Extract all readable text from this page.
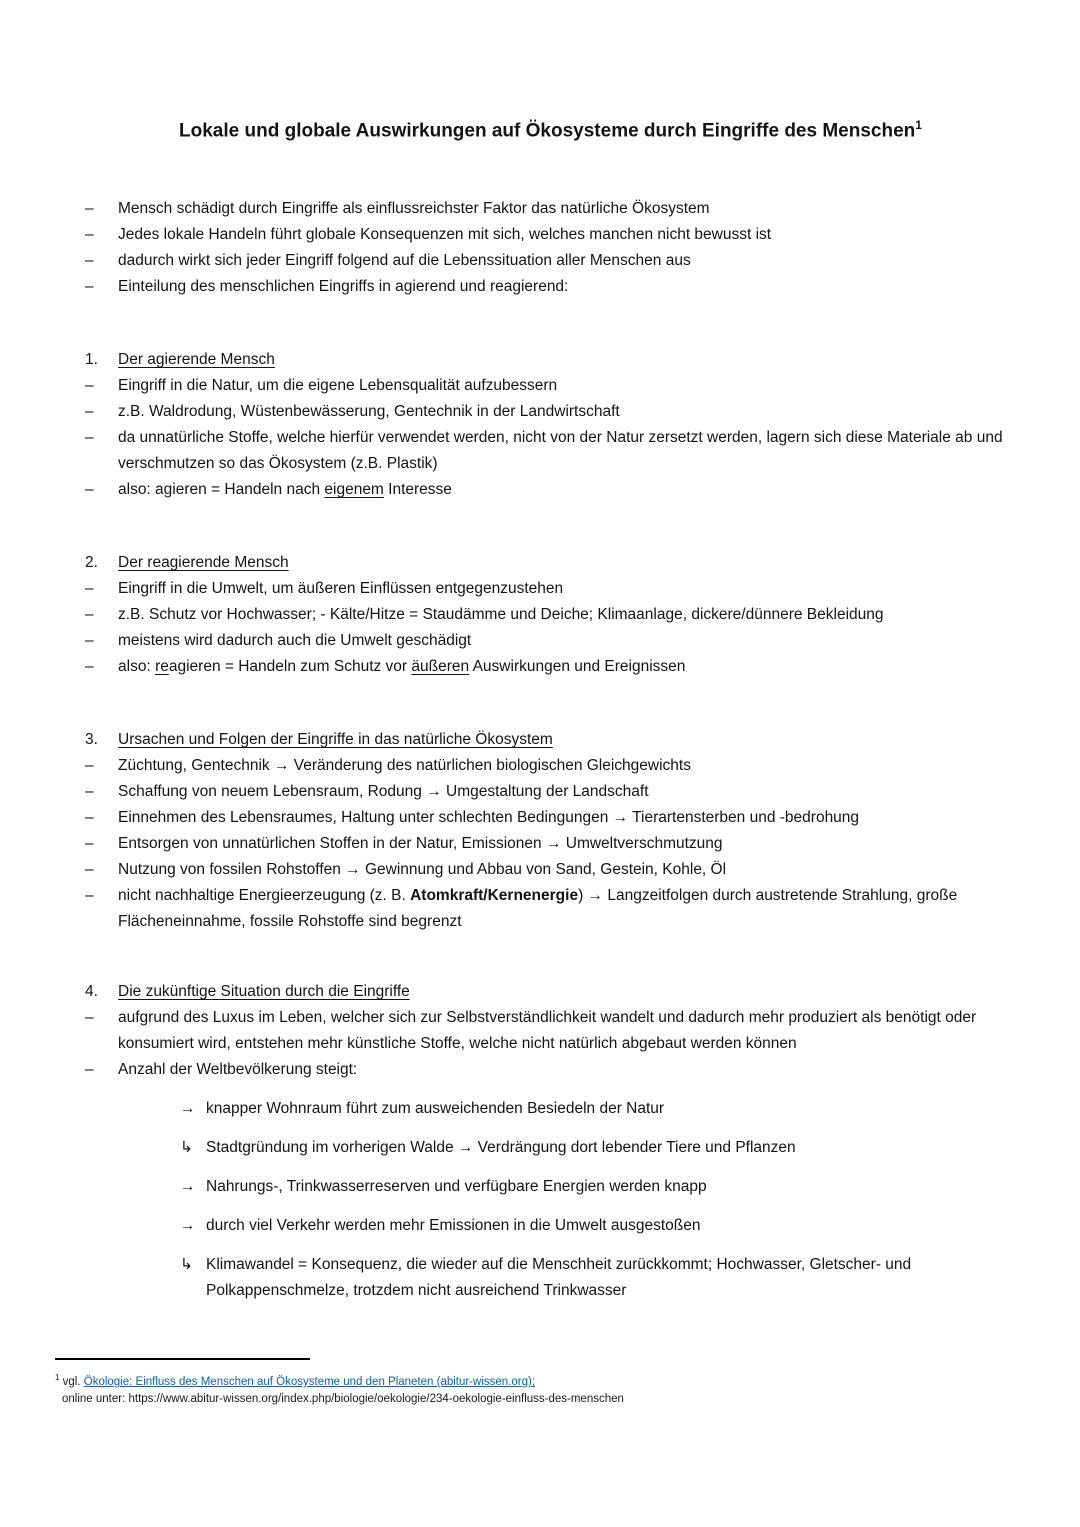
Lokale und globale Auswirkungen auf Ökosysteme durch Eingriffe des Menschen$^1$
–	Mensch schädigt durch Eingriffe als einflussreichster Faktor das natürliche Ökosystem
–	Jedes lokale Handeln führt globale Konsequenzen mit sich, welches manchen nicht bewusst ist
–	dadurch wirkt sich jeder Eingriff folgend auf die Lebenssituation aller Menschen aus
–	Einteilung des menschlichen Eingriffs in agierend und reagierend:
1.	Der agierende Mensch
–	Eingriff in die Natur, um die eigene Lebensqualität aufzubessern
–	z.B. Waldrodung, Wüstenbewässerung, Gentechnik in der Landwirtschaft
–	da unnatürliche Stoffe, welche hierfür verwendet werden, nicht von der Natur zersetzt werden, lagern sich diese Materiale ab und verschmutzen so das Ökosystem (z.B. Plastik)
–	also: agieren = Handeln nach eigenem Interesse
2.	Der reagierende Mensch
–	Eingriff in die Umwelt, um äußeren Einflüssen entgegenzustehen
–	z.B. Schutz vor Hochwasser; - Kälte/Hitze = Staudämme und Deiche; Klimaanlage, dickere/dünnere Bekleidung
–	meistens wird dadurch auch die Umwelt geschädigt
–	also: reagieren = Handeln zum Schutz vor äußeren Auswirkungen und Ereignissen
3.	Ursachen und Folgen der Eingriffe in das natürliche Ökosystem
–	Züchtung, Gentechnik → Veränderung des natürlichen biologischen Gleichgewichts
–	Schaffung von neuem Lebensraum, Rodung → Umgestaltung der Landschaft
–	Einnehmen des Lebensraumes, Haltung unter schlechten Bedingungen → Tierartensterben und -bedrohung
–	Entsorgen von unnatürlichen Stoffen in der Natur, Emissionen → Umweltverschmutzung
–	Nutzung von fossilen Rohstoffen → Gewinnung und Abbau von Sand, Gestein, Kohle, Öl
–	nicht nachhaltige Energieerzeugung (z. B. Atomkraft/Kernenergie) → Langzeitfolgen durch austretende Strahlung, große Flächeneinnahme, fossile Rohstoffe sind begrenzt
4.	Die zukünftige Situation durch die Eingriffe
–	aufgrund des Luxus im Leben, welcher sich zur Selbstverständlichkeit wandelt und dadurch mehr produziert als benötigt oder konsumiert wird, entstehen mehr künstliche Stoffe, welche nicht natürlich abgebaut werden können
–	Anzahl der Weltbevölkerung steigt:
→ knapper Wohnraum führt zum ausweichenden Besiedeln der Natur
↳ Stadtgründung im vorherigen Walde → Verdrängung dort lebender Tiere und Pflanzen
→ Nahrungs-, Trinkwasserreserven und verfügbare Energien werden knapp
→ durch viel Verkehr werden mehr Emissionen in die Umwelt ausgestoßen
↳ Klimawandel = Konsequenz, die wieder auf die Menschheit zurückkommt; Hochwasser, Gletscher- und Polkappenschmelze, trotzdem nicht ausreichend Trinkwasser
$^1$ vgl. Ökologie: Einfluss des Menschen auf Ökosysteme und den Planeten (abitur-wissen.org);
online unter: https://www.abitur-wissen.org/index.php/biologie/oekologie/234-oekologie-einfluss-des-menschen
